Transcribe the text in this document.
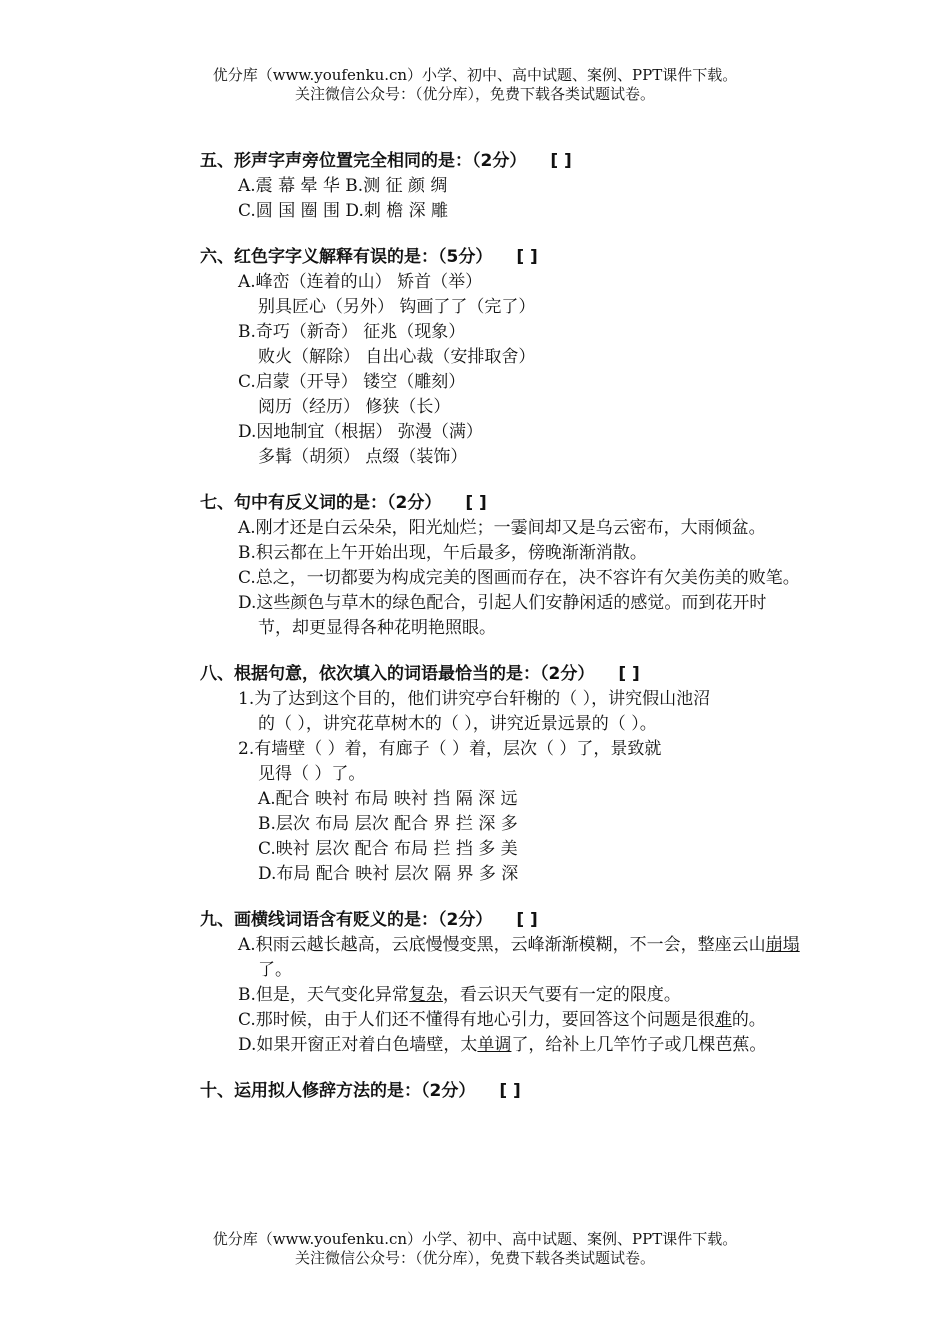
优分库（www.youfenku.cn）小学、初中、高中试题、案例、PPT课件下载。
关注微信公众号：（优分库），免费下载各类试题试卷。
五、形声字声旁位置完全相同的是：（2分） [ ]
A.震 幕 晕 华 B.测 征 颜 绸
C.圆 国 圈 围 D.刺 檐 深 雕
六、红色字字义解释有误的是：（5分） [ ]
A.峰峦（连着的山） 矫首（举）
别具匠心（另外） 钩画了了（完了）
B.奇巧（新奇） 征兆（现象）
败火（解除） 自出心裁（安排取舍）
C.启蒙（开导） 镂空（雕刻）
阅历（经历） 修狭（长）
D.因地制宜（根据） 弥漫（满）
多髯（胡须） 点缀（装饰）
七、句中有反义词的是：（2分） [ ]
A.刚才还是白云朵朵，阳光灿烂；一霎间却又是乌云密布，大雨倾盆。
B.积云都在上午开始出现，午后最多，傍晚渐渐消散。
C.总之，一切都要为构成完美的图画而存在，决不容许有欠美伤美的败笔。
D.这些颜色与草木的绿色配合，引起人们安静闲适的感觉。而到花开时节，却更显得各种花明艳照眼。
八、根据句意，依次填入的词语最恰当的是：（2分） [ ]
1.为了达到这个目的，他们讲究亭台轩榭的（ ），讲究假山池沼
的（ ），讲究花草树木的（ ），讲究近景远景的（ ）。
2.有墙壁（ ）着，有廊子（ ）着，层次（ ）了，景致就
见得（ ）了。
A.配合 映衬 布局 映衬 挡 隔 深 远
B.层次 布局 层次 配合 界 拦 深 多
C.映衬 层次 配合 布局 拦 挡 多 美
D.布局 配合 映衬 层次 隔 界 多 深
九、画横线词语含有贬义的是：（2分） [ ]
A.积雨云越长越高，云底慢慢变黑，云峰渐渐模糊，不一会，整座云山崩塌了。
B.但是，天气变化异常复杂，看云识天气要有一定的限度。
C.那时候，由于人们还不懂得有地心引力，要回答这个问题是很难的。
D.如果开窗正对着白色墙壁，太单调了，给补上几竿竹子或几棵芭蕉。
十、运用拟人修辞方法的是：（2分） [ ]
优分库（www.youfenku.cn）小学、初中、高中试题、案例、PPT课件下载。
关注微信公众号：（优分库），免费下载各类试题试卷。
